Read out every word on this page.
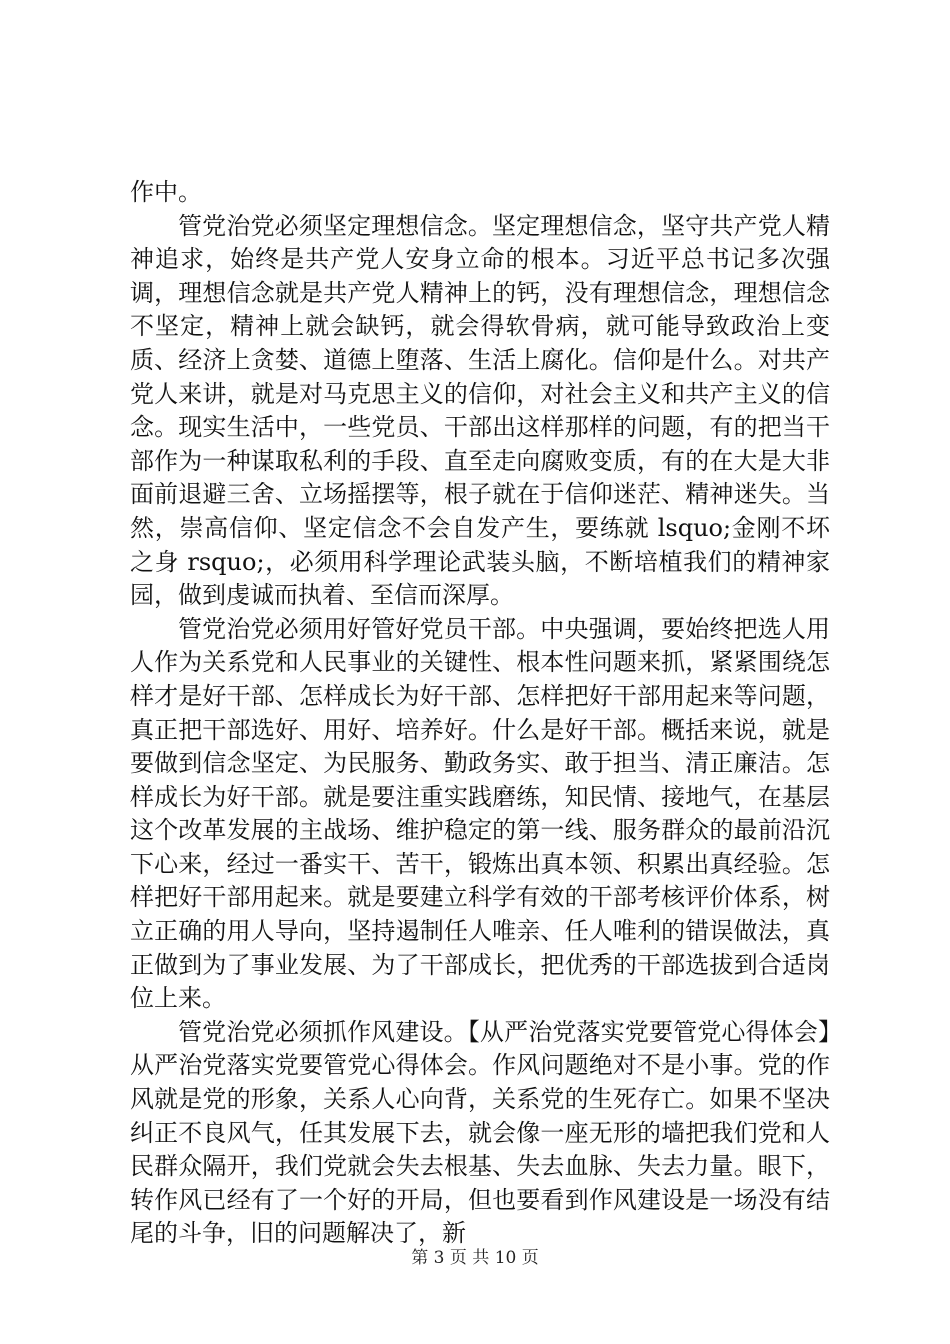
作中。

管党治党必须坚定理想信念。坚定理想信念，坚守共产党人精神追求，始终是共产党人安身立命的根本。习近平总书记多次强调，理想信念就是共产党人精神上的钙，没有理想信念，理想信念不坚定，精神上就会缺钙，就会得软骨病，就可能导致政治上变质、经济上贪婪、道德上堕落、生活上腐化。信仰是什么。对共产党人来讲，就是对马克思主义的信仰，对社会主义和共产主义的信念。现实生活中，一些党员、干部出这样那样的问题，有的把当干部作为一种谋取私利的手段、直至走向腐败变质，有的在大是大非面前退避三舍、立场摇摆等，根子就在于信仰迷茫、精神迷失。当然，崇高信仰、坚定信念不会自发产生，要练就 lsquo;金刚不坏之身 rsquo;，必须用科学理论武装头脑，不断培植我们的精神家园，做到虔诚而执着、至信而深厚。

管党治党必须用好管好党员干部。中央强调，要始终把选人用人作为关系党和人民事业的关键性、根本性问题来抓，紧紧围绕怎样才是好干部、怎样成长为好干部、怎样把好干部用起来等问题，真正把干部选好、用好、培养好。什么是好干部。概括来说，就是要做到信念坚定、为民服务、勤政务实、敢于担当、清正廉洁。怎样成长为好干部。就是要注重实践磨练，知民情、接地气，在基层这个改革发展的主战场、维护稳定的第一线、服务群众的最前沿沉下心来，经过一番实干、苦干，锻炼出真本领、积累出真经验。怎样把好干部用起来。就是要建立科学有效的干部考核评价体系，树立正确的用人导向，坚持遏制任人唯亲、任人唯利的错误做法，真正做到为了事业发展、为了干部成长，把优秀的干部选拔到合适岗位上来。

管党治党必须抓作风建设。【从严治党落实党要管党心得体会】从严治党落实党要管党心得体会。作风问题绝对不是小事。党的作风就是党的形象，关系人心向背，关系党的生死存亡。如果不坚决纠正不良风气，任其发展下去，就会像一座无形的墙把我们党和人民群众隔开，我们党就会失去根基、失去血脉、失去力量。眼下，转作风已经有了一个好的开局，但也要看到作风建设是一场没有结尾的斗争，旧的问题解决了，新

第 3 页 共 10 页
